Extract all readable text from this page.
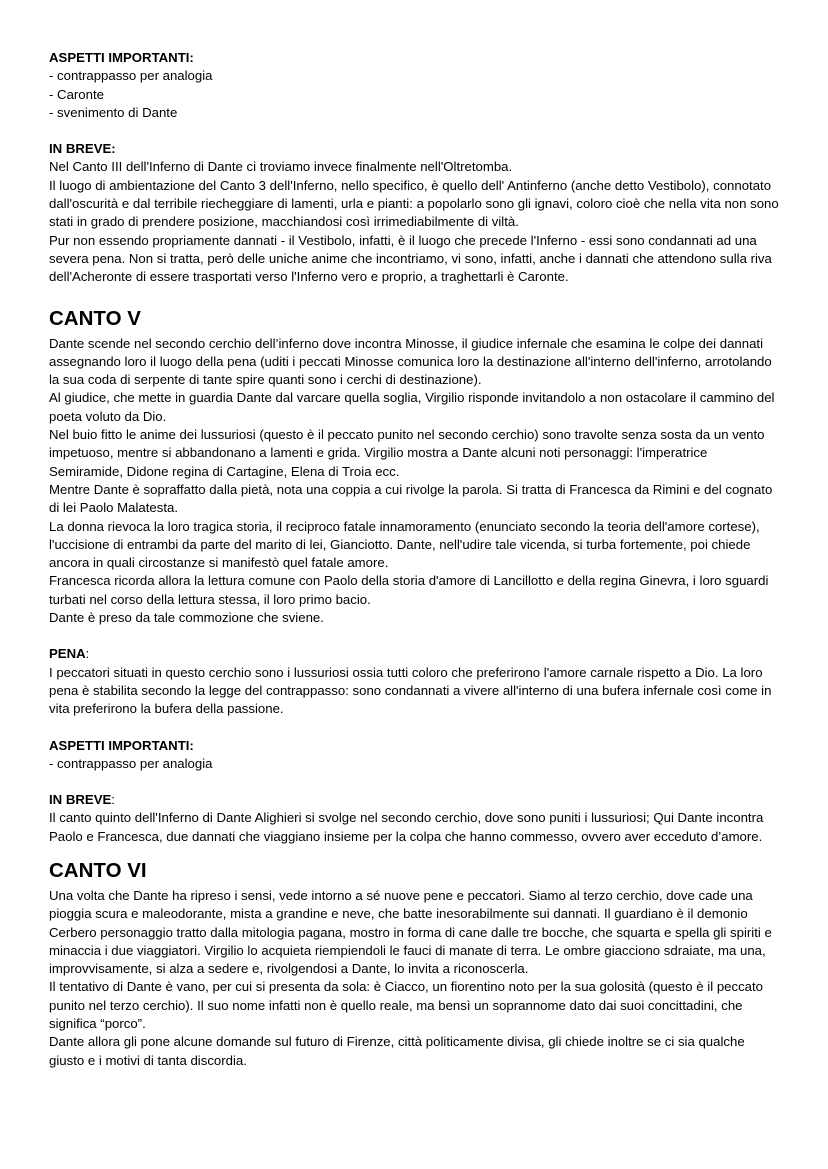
ASPETTI IMPORTANTI:

- contrappasso per analogia

- Caronte

- svenimento di Dante

IN BREVE:

Nel Canto III dell'Inferno di Dante ci troviamo invece finalmente nell'Oltretomba.

Il luogo di ambientazione del Canto 3 dell'Inferno, nello specifico, è quello dell' Antinferno (anche detto Vestibolo), connotato dall'oscurità e dal terribile riecheggiare di lamenti, urla e pianti: a popolarlo sono gli ignavi, coloro cioè che nella vita non sono stati in grado di prendere posizione, macchiandosi così irrimediabilmente di viltà.

Pur non essendo propriamente dannati - il Vestibolo, infatti, è il luogo che precede l'Inferno - essi sono condannati ad una severa pena. Non si tratta, però delle uniche anime che incontriamo, vi sono, infatti, anche i dannati che attendono sulla riva dell'Acheronte di essere trasportati verso l'Inferno vero e proprio, a traghettarli è Caronte.

CANTO V

Dante scende nel secondo cerchio dell’inferno dove incontra Minosse, il giudice infernale che esamina le colpe dei dannati assegnando loro il luogo della pena (uditi i peccati Minosse comunica loro la destinazione all'interno dell'inferno, arrotolando la sua coda di serpente di tante spire quanti sono i cerchi di destinazione).

Al giudice, che mette in guardia Dante dal varcare quella soglia, Virgilio risponde invitandolo a non ostacolare il cammino del poeta voluto da Dio.

Nel buio fitto le anime dei lussuriosi (questo è il peccato punito nel secondo cerchio) sono travolte senza sosta da un vento impetuoso, mentre si abbandonano a lamenti e grida. Virgilio mostra a Dante alcuni noti personaggi: l'imperatrice Semiramide, Didone regina di Cartagine, Elena di Troia ecc.

Mentre Dante è sopraffatto dalla pietà, nota una coppia a cui rivolge la parola. Si tratta di Francesca da Rimini e del cognato di lei Paolo Malatesta.

La donna rievoca la loro tragica storia, il reciproco fatale innamoramento (enunciato secondo la teoria dell'amore cortese), l'uccisione di entrambi da parte del marito di lei, Gianciotto. Dante, nell'udire tale vicenda, si turba fortemente, poi chiede ancora in quali circostanze si manifestò quel fatale amore.

Francesca ricorda allora la lettura comune con Paolo della storia d'amore di Lancillotto e della regina Ginevra, i loro sguardi turbati nel corso della lettura stessa, il loro primo bacio.

Dante è preso da tale commozione che sviene.

PENA:

I peccatori situati in questo cerchio sono i lussuriosi ossia tutti coloro che preferirono l'amore carnale rispetto a Dio. La loro pena è stabilita secondo la legge del contrappasso: sono condannati a vivere all'interno di una bufera infernale così come in vita preferirono la bufera della passione.

ASPETTI IMPORTANTI:

- contrappasso per analogia

IN BREVE:

Il canto quinto dell'Inferno di Dante Alighieri si svolge nel secondo cerchio, dove sono puniti i lussuriosi; Qui Dante incontra Paolo e Francesca, due dannati che viaggiano insieme per la colpa che hanno commesso, ovvero aver ecceduto d’amore.

CANTO VI

Una volta che Dante ha ripreso i sensi, vede intorno a sé nuove pene e peccatori. Siamo al terzo cerchio, dove cade una pioggia scura e maleodorante, mista a grandine e neve, che batte inesorabilmente sui dannati. Il guardiano è il demonio Cerbero personaggio tratto dalla mitologia pagana, mostro in forma di cane dalle tre bocche, che squarta e spella gli spiriti e minaccia i due viaggiatori. Virgilio lo acquieta riempiendoli le fauci di manate di terra. Le ombre giacciono sdraiate, ma una, improvvisamente, si alza a sedere e, rivolgendosi a Dante, lo invita a riconoscerla.

Il tentativo di Dante è vano, per cui si presenta da sola: è Ciacco, un fiorentino noto per la sua golosità (questo è il peccato punito nel terzo cerchio). Il suo nome infatti non è quello reale, ma bensì un soprannome dato dai suoi concittadini, che significa “porco”.

Dante allora gli pone alcune domande sul futuro di Firenze, città politicamente divisa, gli chiede inoltre se ci sia qualche giusto e i motivi di tanta discordia.
